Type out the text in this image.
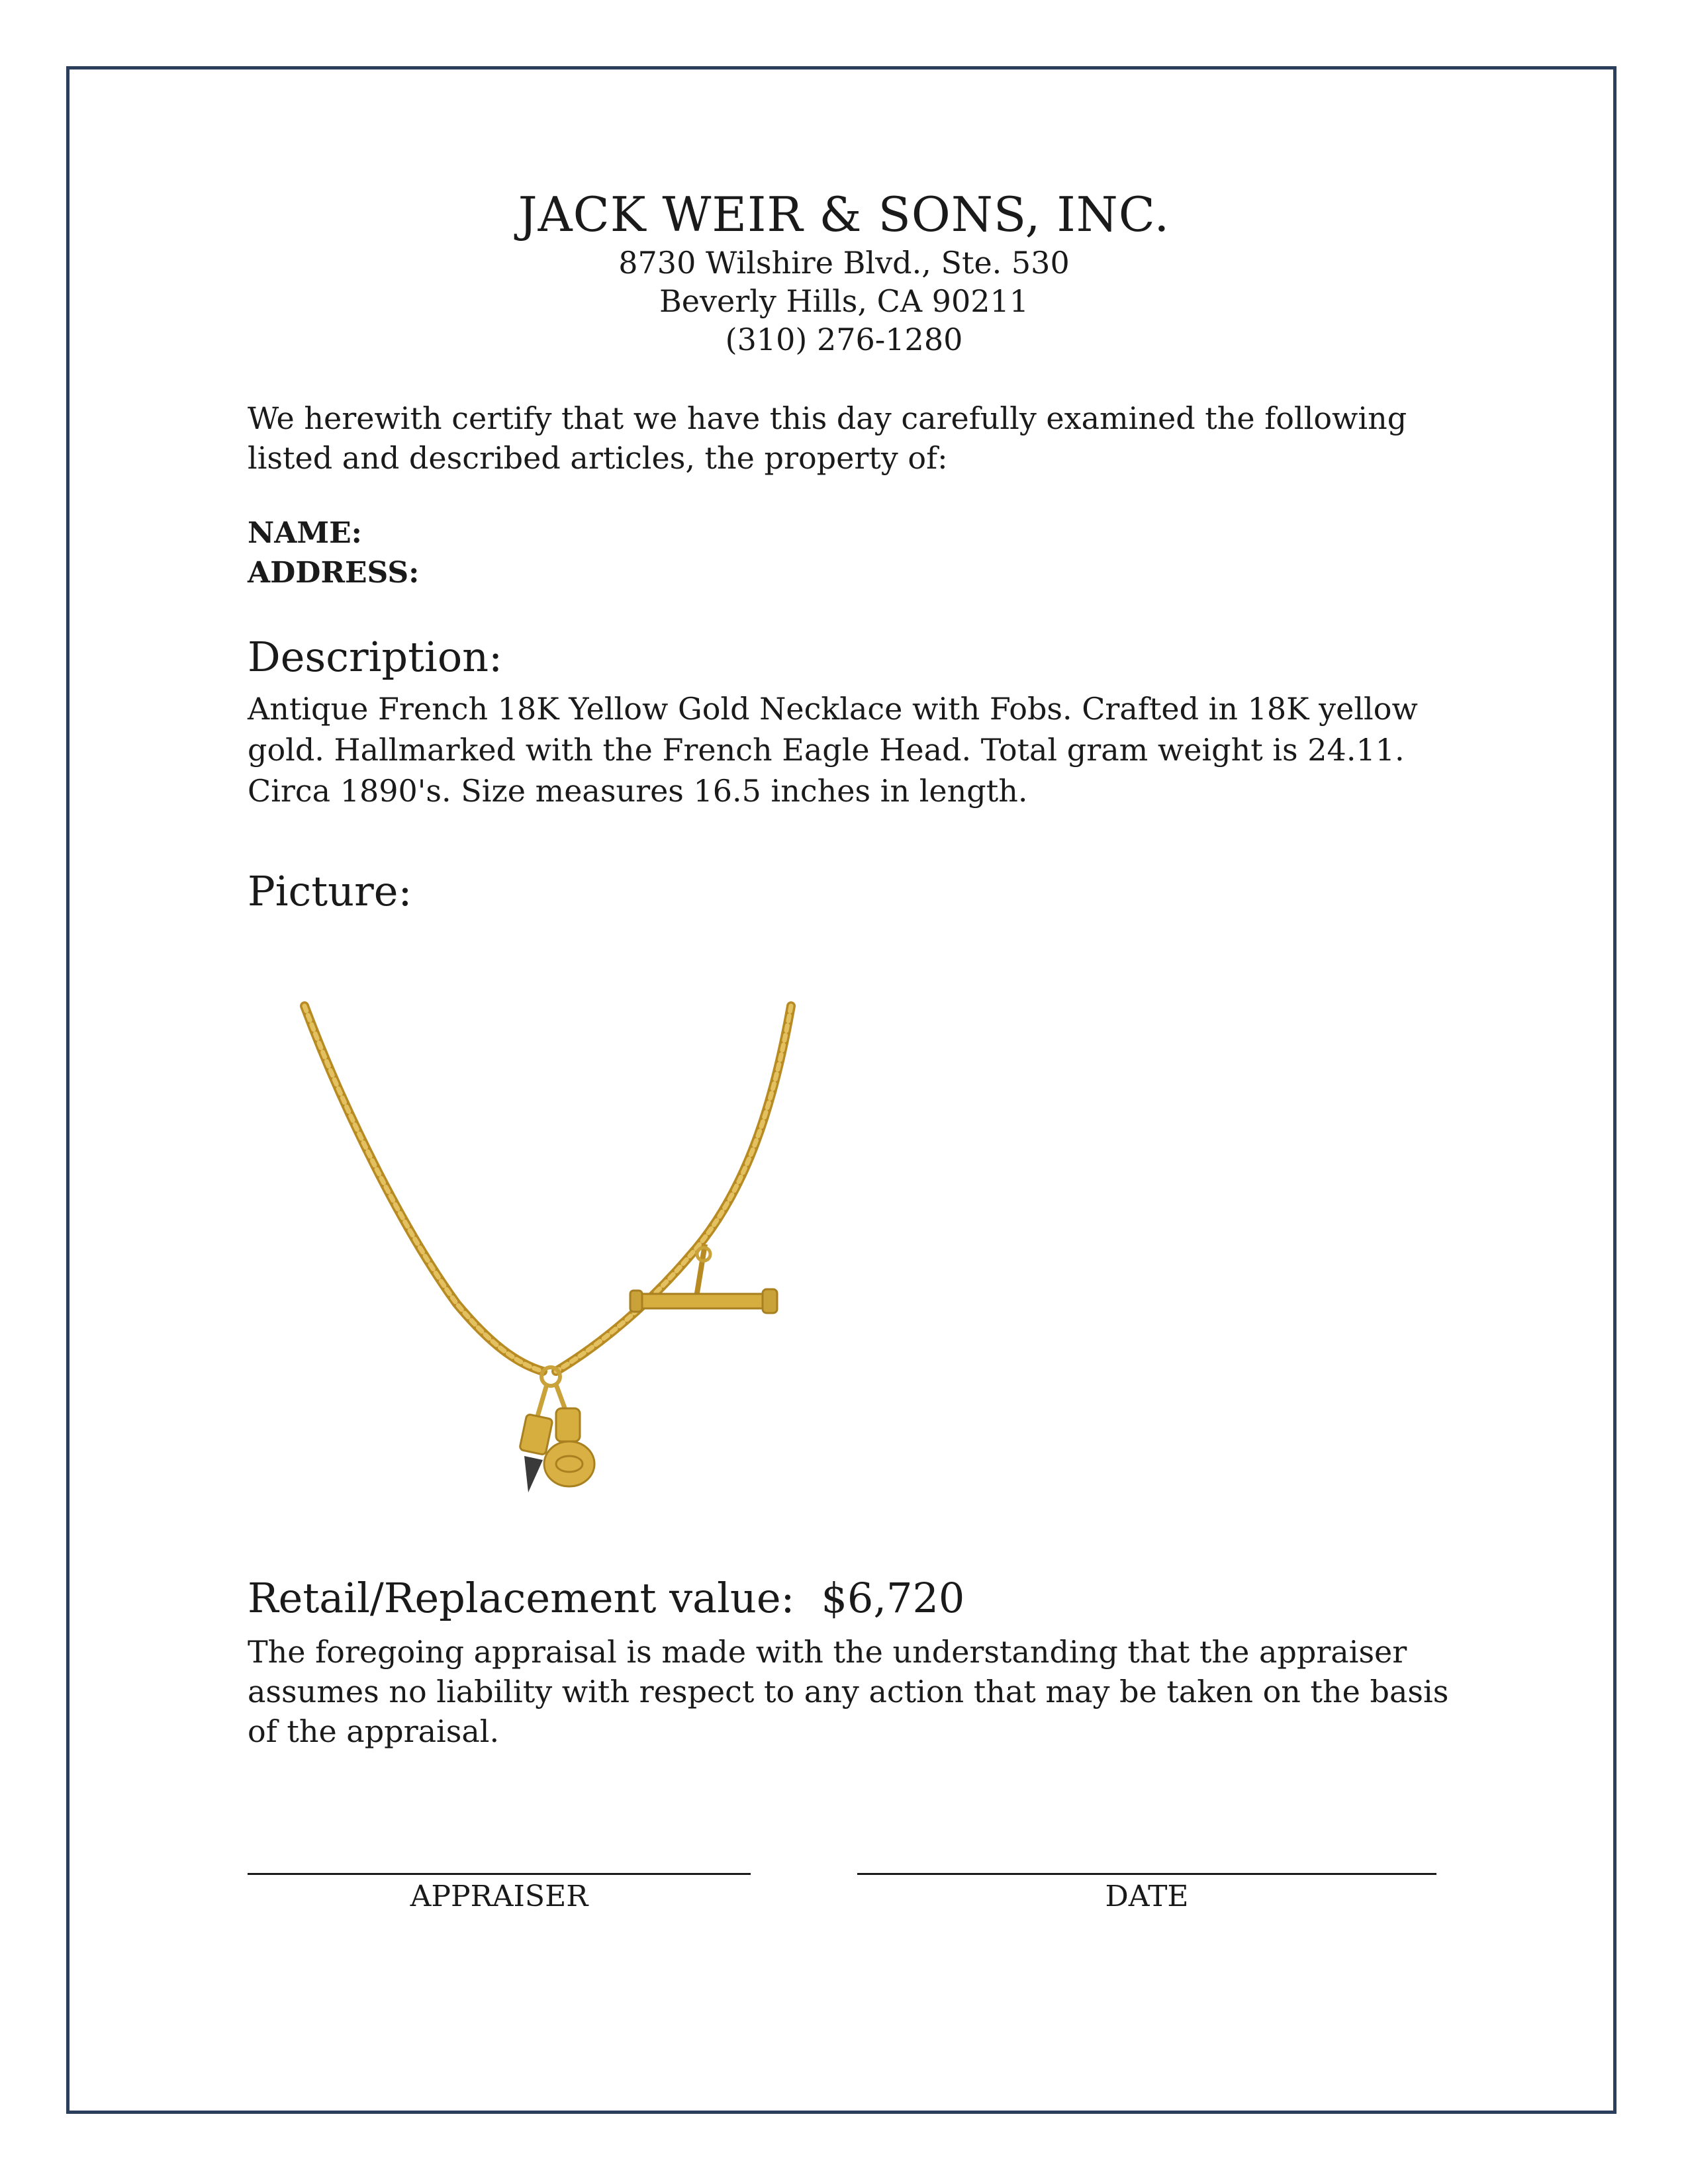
JACK WEIR & SONS, INC.
8730 Wilshire Blvd., Ste. 530
Beverly Hills, CA 90211
(310) 276-1280

We herewith certify that we have this day carefully examined the following listed and described articles, the property of:

NAME:
ADDRESS:
Description:

Antique French 18K Yellow Gold Necklace with Fobs. Crafted in 18K yellow gold. Hallmarked with the French Eagle Head. Total gram weight is 24.11. Circa 1890's. Size measures 16.5 inches in length.

Picture:
Retail/Replacement value: $6,720

The foregoing appraisal is made with the understanding that the appraiser assumes no liability with respect to any action that may be taken on the basis of the appraisal.

APPRAISER	DATE
